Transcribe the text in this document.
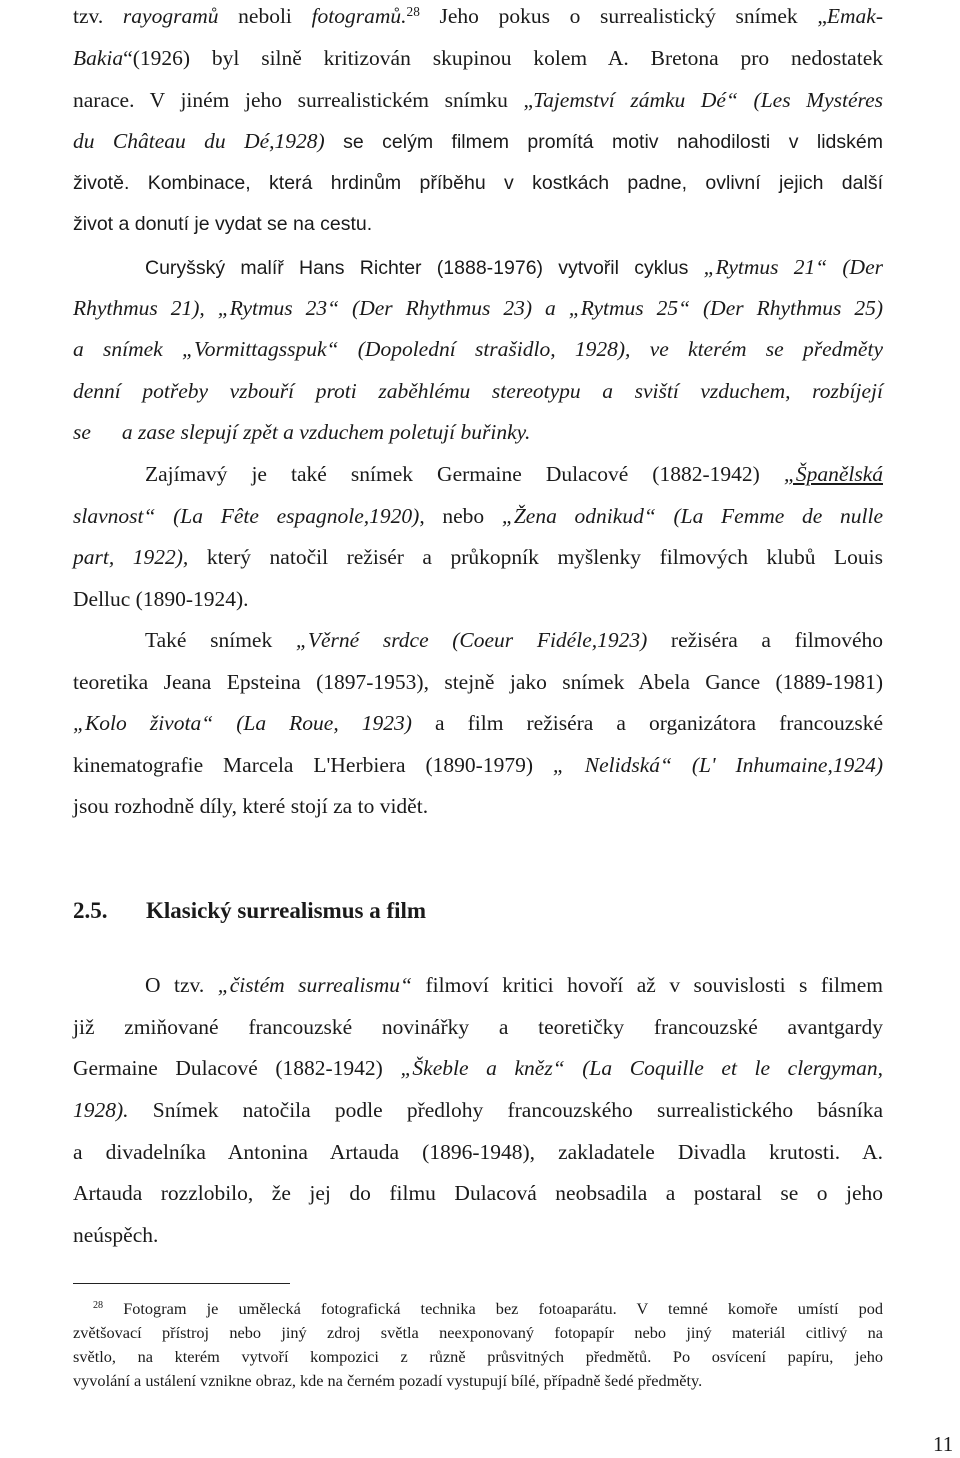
tzv. rayogramů neboli fotogramů.$^{28}$ Jeho pokus o surrealistický snímek „Emak-
Bakia“(1926) byl silně kritizován skupinou kolem A. Bretona pro nedostatek
narace. V jiném jeho surrealistickém snímku „Tajemství zámku Dé“ (Les Mystéres
du Château du Dé,1928) se celým filmem promítá motiv nahodilosti v lidském
životě. Kombinace, která hrdinům příběhu v kostkách padne, ovlivní jejich další
život a donutí je vydat se na cestu.
Curyšský malíř Hans Richter (1888-1976) vytvořil cyklus „Rytmus 21“ (Der
Rhythmus 21), „Rytmus 23“ (Der Rhythmus 23) a „Rytmus 25“ (Der Rhythmus 25)
a snímek „Vormittagsspuk“ (Dopolední strašidlo, 1928), ve kterém se předměty
denní potřeby vzbouří proti zaběhlému stereotypu a sviští vzduchem, rozbíjejí
se a zase slepují zpět a vzduchem poletují buřinky.
Zajímavý je také snímek Germaine Dulacové (1882-1942) „Španělská
slavnost“ (La Fête espagnole,1920), nebo „Žena odnikud“ (La Femme de nulle
part, 1922), který natočil režisér a průkopník myšlenky filmových klubů Louis
Delluc (1890-1924).
Také snímek „Věrné srdce (Coeur Fidéle,1923) režiséra a filmového
teoretika Jeana Epsteina (1897-1953), stejně jako snímek Abela Gance (1889-1981)
„Kolo života“ (La Roue, 1923) a film režiséra a organizátora francouzské
kinematografie Marcela L'Herbiera (1890-1979) „ Nelidská“ (L' Inhumaine,1924)
jsou rozhodně díly, které stojí za to vidět.
2.5. Klasický surrealismus a film
O tzv. „čistém surrealismu“ filmoví kritici hovoří až v souvislosti s filmem
již zmiňované francouzské novinářky a teoretičky francouzské avantgardy
Germaine Dulacové (1882-1942) „Škeble a kněz“ (La Coquille et le clergyman,
1928). Snímek natočila podle předlohy francouzského surrealistického básníka
a divadelníka Antonina Artauda (1896-1948), zakladatele Divadla krutosti. A.
Artauda rozzlobilo, že jej do filmu Dulacová neobsadila a postaral se o jeho
neúspěch.
$^{28}$ Fotogram je umělecká fotografická technika bez fotoaparátu. V temné komoře umístí pod
zvětšovací přístroj nebo jiný zdroj světla neexponovaný fotopapír nebo jiný materiál citlivý na
světlo, na kterém vytvoří kompozici z různě průsvitných předmětů. Po osvícení papíru, jeho
vyvolání a ustálení vznikne obraz, kde na černém pozadí vystupují bílé, případně šedé předměty.
11
